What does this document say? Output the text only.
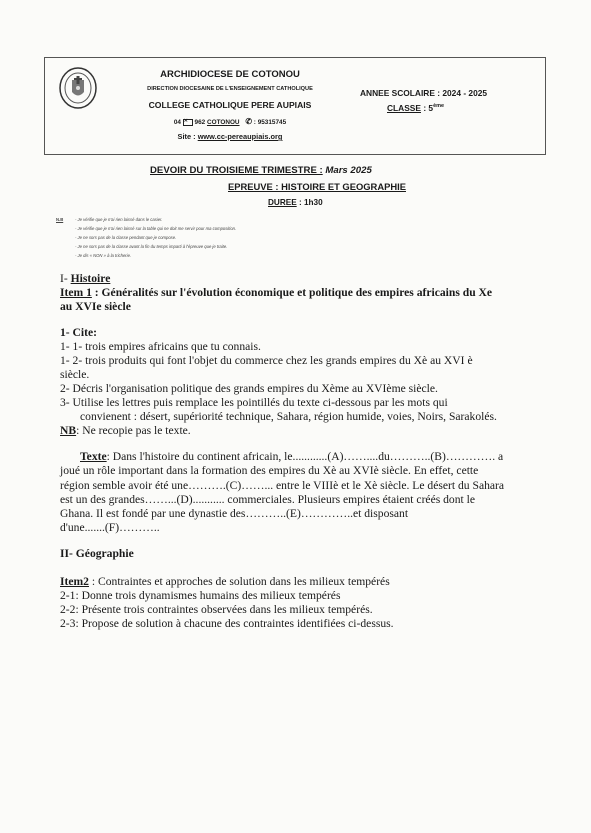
ARCHIDIOCESE DE COTONOU
DIRECTION DIOCESAINE DE L'ENSEIGNEMENT CATHOLIQUE
COLLEGE CATHOLIQUE PERE AUPIAIS
04 ✕ 962 COTONOU ✆ : 95315745
Site : www.cc-pereaupiais.org
ANNEE SCOLAIRE : 2024 - 2025
CLASSE : 5ème
DEVOIR DU TROISIEME TRIMESTRE : Mars 2025
EPREUVE : HISTOIRE ET GEOGRAPHIE
DUREE : 1h30
N.B	- Je vérifie que je n'ai rien laissé dans le casier.
- Je vérifie que je n'ai rien laissé sur la table qui ne doit me servir pour ma composition.
- Je ne sors pas de la classe pendant que je compose.
- Je ne sors pas de la classe avant la fin du temps imparti à l'épreuve que je traite.
- Je dis « NON » à la tricherie.
I- Histoire
Item 1 : Généralités sur l'évolution économique et politique des empires africains du Xe
au XVIe siècle
1- Cite:
1- 1- trois empires africains que tu connais.
1- 2- trois produits qui font l'objet du commerce chez les grands empires du Xè au XVI è
siècle.
2- Décris l'organisation politique des grands empires du Xème au XVIème siècle.
3- Utilise les lettres puis remplace les pointillés du texte ci-dessous par les mots qui
convienent : désert, supériorité technique, Sahara, région humide, voies, Noirs, Sarakolés.
NB: Ne recopie pas le texte.
Texte: Dans l'histoire du continent africain, le............(A)……....du………..(B)…………. a
joué un rôle important dans la formation des empires du Xè au XVIè siècle. En effet, cette
région semble avoir été une……….(C)……... entre le VIIIè et le Xè siècle. Le désert du Sahara
est un des grandes……...(D)........... commerciales. Plusieurs empires étaient créés dont le
Ghana. Il est fondé par une dynastie des………..(E)…………..et disposant
d'une.......(F)………..
II- Géographie
Item2 : Contraintes et approches de solution dans les milieux tempérés
2-1: Donne trois dynamismes humains des milieux tempérés
2-2: Présente trois contraintes observées dans les milieux tempérés.
2-3: Propose de solution à chacune des contraintes identifiées ci-dessus.
